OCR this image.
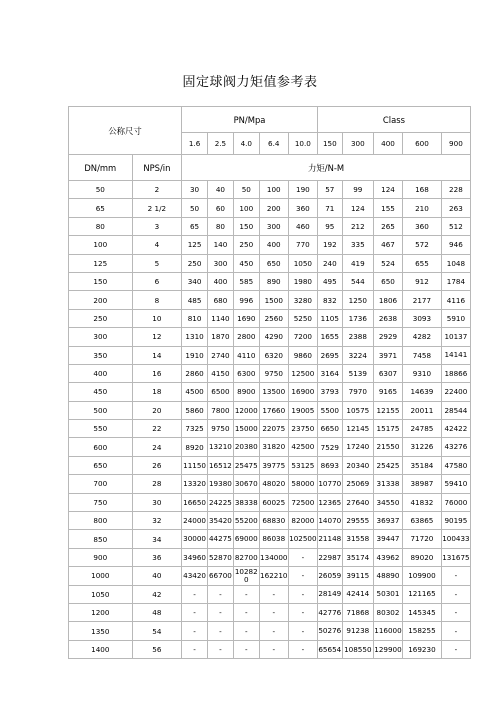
固定球阀力矩值参考表
公称尺寸		PN/Mpa					Class				
		1.6	2.5	4.0	6.4	10.0	150	300	400	600	900
DN/mm	NPS/in	力矩/N-M									
50	2	30	40	50	100	190	57	99	124	168	228
65	2 1/2	50	60	100	200	360	71	124	155	210	263
80	3	65	80	150	300	460	95	212	265	360	512
100	4	125	140	250	400	770	192	335	467	572	946
125	5	250	300	450	650	1050	240	419	524	655	1048
150	6	340	400	585	890	1980	495	544	650	912	1784
200	8	485	680	996	1500	3280	832	1250	1806	2177	4116
250	10	810	1140	1690	2560	5250	1105	1736	2638	3093	5910
300	12	1310	1870	2800	4290	7200	1655	2388	2929	4282	10137
350	14	1910	2740	4110	6320	9860	2695	3224	3971	7458	14141
400	16	2860	4150	6300	9750	12500	3164	5139	6307	9310	18866
450	18	4500	6500	8900	13500	16900	3793	7970	9165	14639	22400
500	20	5860	7800	12000	17660	19005	5500	10575	12155	20011	28544
550	22	7325	9750	15000	22075	23750	6650	12145	15175	24785	42422
600	24	8920	13210	20380	31820	42500	7529	17240	21550	31226	43276
650	26	11150	16512	25475	39775	53125	8693	20340	25425	35184	47580
700	28	13320	19380	30670	48020	58000	10770	25069	31338	38987	59410
750	30	16650	24225	38338	60025	72500	12365	27640	34550	41832	76000
800	32	24000	35420	55200	68830	82000	14070	29555	36937	63865	90195
850	34	30000	44275	69000	86038	102500	21148	31558	39447	71720	100433
900	36	34960	52870	82700	134000	-	22987	35174	43962	89020	131675
1000	40	43420	66700	102820	162210	-	26059	39115	48890	109900	-
1050	42	-	-	-	-	-	28149	42414	50301	121165	-
1200	48	-	-	-	-	-	42776	71868	80302	145345	-
1350	54	-	-	-	-	-	50276	91238	116000	158255	-
1400	56	-	-	-	-	-	65654	108550	129900	169230	-
